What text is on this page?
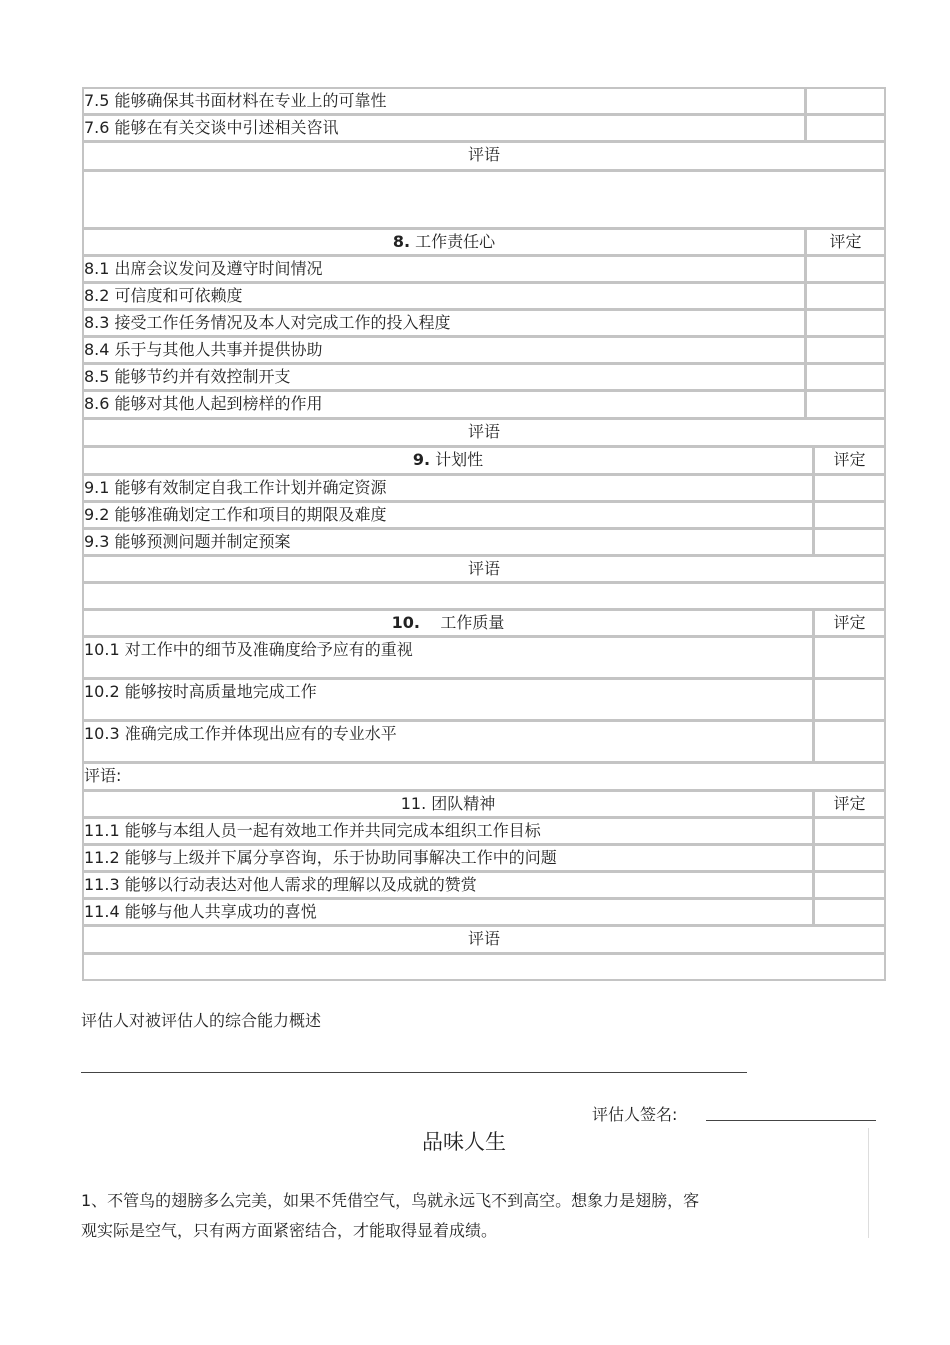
7.5 能够确保其书面材料在专业上的可靠性
7.6 能够在有关交谈中引述相关咨讯
评语
8. 工作责任心	评定
8.1 出席会议发问及遵守时间情况
8.2 可信度和可依赖度
8.3 接受工作任务情况及本人对完成工作的投入程度
8.4 乐于与其他人共事并提供协助
8.5 能够节约并有效控制开支
8.6 能够对其他人起到榜样的作用
评语
9. 计划性	评定
9.1 能够有效制定自我工作计划并确定资源
9.2 能够准确划定工作和项目的期限及难度
9.3 能够预测问题并制定预案
评语
10. 工作质量	评定
10.1 对工作中的细节及准确度给予应有的重视
10.2 能够按时高质量地完成工作
10.3 准确完成工作并体现出应有的专业水平
评语:
11. 团队精神	评定
11.1 能够与本组人员一起有效地工作并共同完成本组织工作目标
11.2 能够与上级并下属分享咨询，乐于协助同事解决工作中的问题
11.3 能够以行动表达对他人需求的理解以及成就的赞赏
11.4 能够与他人共享成功的喜悦
评语
评估人对被评估人的综合能力概述
评估人签名:
品味人生
1、不管鸟的翅膀多么完美，如果不凭借空气，鸟就永远飞不到高空。想象力是翅膀，客
观实际是空气，只有两方面紧密结合，才能取得显着成绩。
